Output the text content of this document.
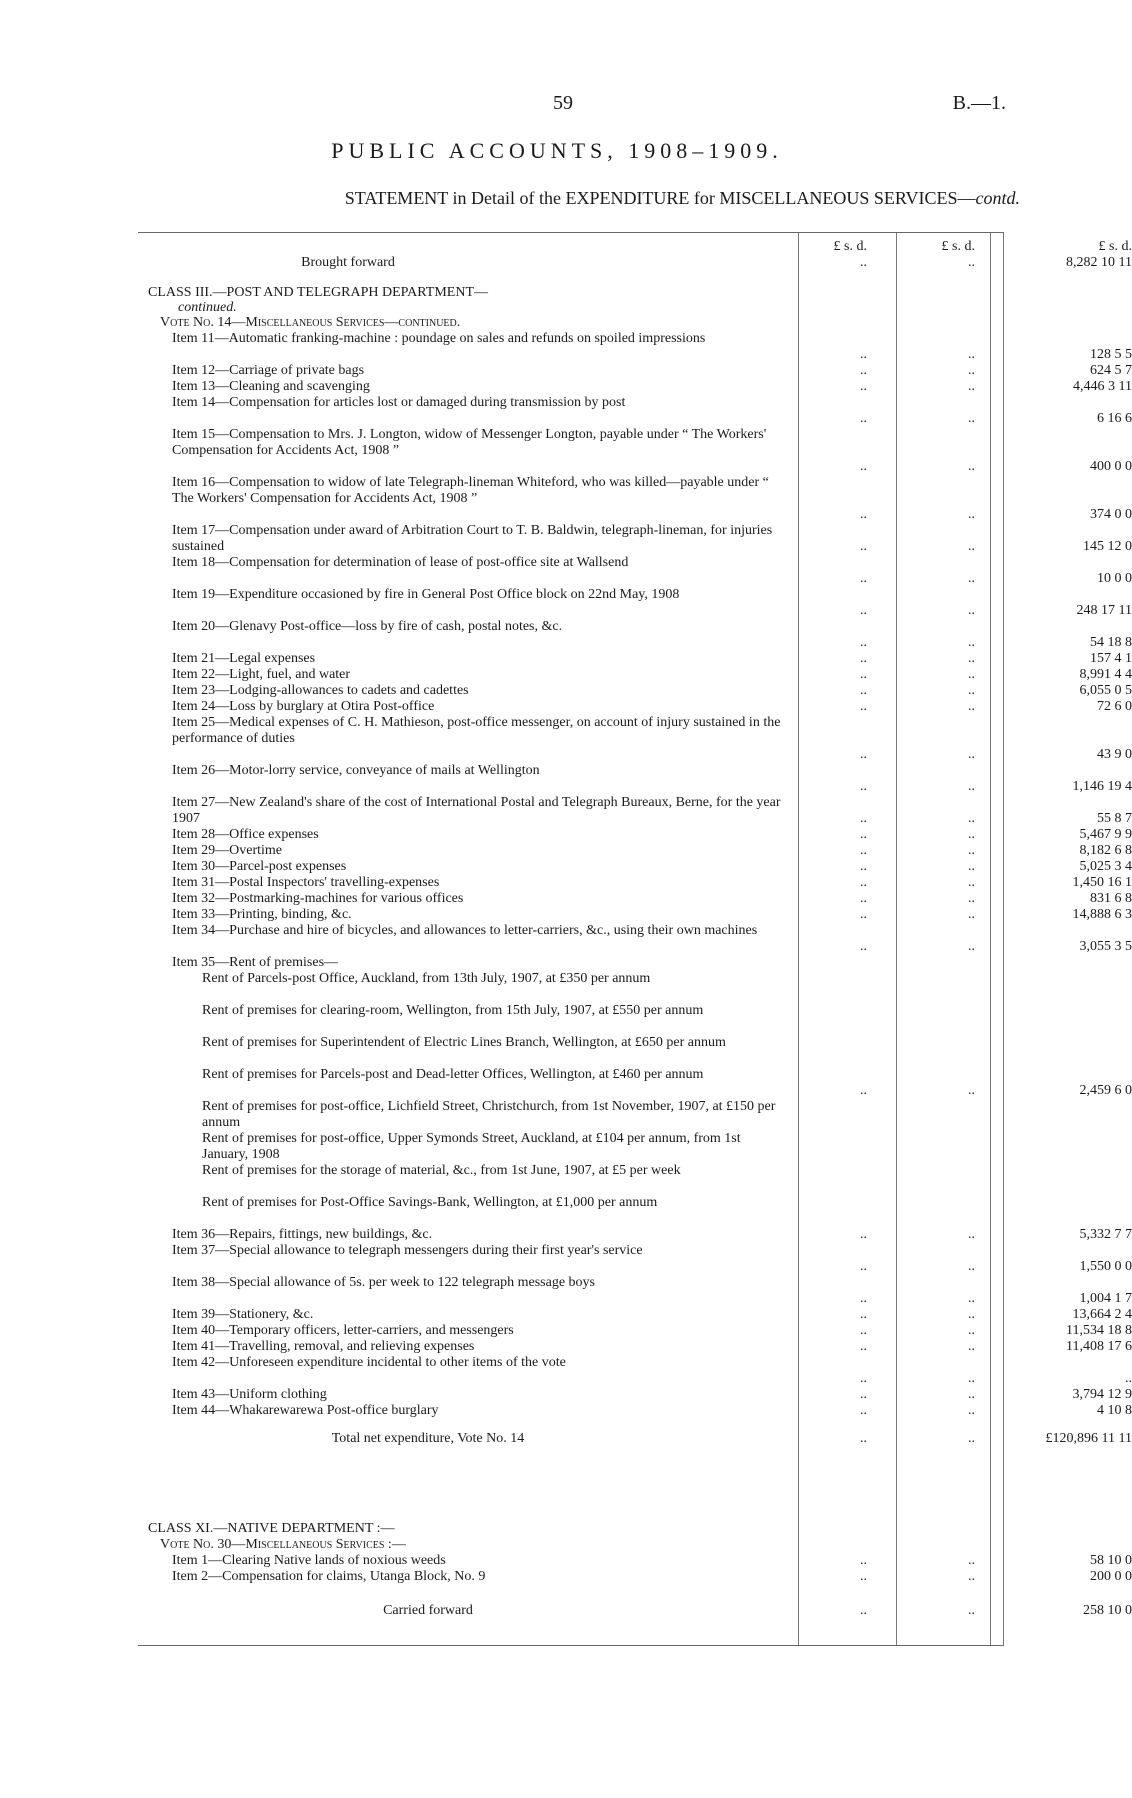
59	B.—1.
PUBLIC ACCOUNTS, 1908–1909.
STATEMENT in Detail of the EXPENDITURE for MISCELLANEOUS SERVICES—contd.
£ s. d.	£ s. d.	£ s. d.
Brought forward	..	..	8,282 10 11
CLASS III.—POST AND TELEGRAPH DEPARTMENT—
continued.
Vote No. 14—Miscellaneous Services—continued.
Item 11—Automatic franking-machine : poundage on sales and refunds on spoiled impressions
..	..	128 5 5
Item 12—Carriage of private bags	..	..	624 5 7
Item 13—Cleaning and scavenging	..	..	4,446 3 11
Item 14—Compensation for articles lost or damaged during transmission by post
..	..	6 16 6
Item 15—Compensation to Mrs. J. Longton, widow of Messenger Longton, payable under “ The Workers' Compensation for Accidents Act, 1908 ”
..	..	400 0 0
Item 16—Compensation to widow of late Telegraph-lineman Whiteford, who was killed—payable under “ The Workers' Compensation for Accidents Act, 1908 ”
..	..	374 0 0
Item 17—Compensation under award of Arbitration Court to T. B. Baldwin, telegraph-lineman, for injuries sustained	..	..	145 12 0
Item 18—Compensation for determination of lease of post-office site at Wallsend
..	..	10 0 0
Item 19—Expenditure occasioned by fire in General Post Office block on 22nd May, 1908
..	..	248 17 11
Item 20—Glenavy Post-office—loss by fire of cash, postal notes, &c.
..	..	54 18 8
Item 21—Legal expenses	..	..	157 4 1
Item 22—Light, fuel, and water	..	..	8,991 4 4
Item 23—Lodging-allowances to cadets and cadettes	..	..	6,055 0 5
Item 24—Loss by burglary at Otira Post-office	..	..	72 6 0
Item 25—Medical expenses of C. H. Mathieson, post-office messenger, on account of injury sustained in the performance of duties
..	..	43 9 0
Item 26—Motor-lorry service, conveyance of mails at Wellington
..	..	1,146 19 4
Item 27—New Zealand's share of the cost of International Postal and Telegraph Bureaux, Berne, for the year 1907	..	..	55 8 7
Item 28—Office expenses	..	..	5,467 9 9
Item 29—Overtime	..	..	8,182 6 8
Item 30—Parcel-post expenses	..	..	5,025 3 4
Item 31—Postal Inspectors' travelling-expenses	..	..	1,450 16 1
Item 32—Postmarking-machines for various offices	..	..	831 6 8
Item 33—Printing, binding, &c.	..	..	14,888 6 3
Item 34—Purchase and hire of bicycles, and allowances to letter-carriers, &c., using their own machines
..	..	3,055 3 5
Item 35—Rent of premises—
Rent of Parcels-post Office, Auckland, from 13th July, 1907, at £350 per annum
Rent of premises for clearing-room, Wellington, from 15th July, 1907, at £550 per annum
Rent of premises for Superintendent of Electric Lines Branch, Wellington, at £650 per annum
Rent of premises for Parcels-post and Dead-letter Offices, Wellington, at £460 per annum
Rent of premises for post-office, Lichfield Street, Christchurch, from 1st November, 1907, at £150 per annum
Rent of premises for post-office, Upper Symonds Street, Auckland, at £104 per annum, from 1st January, 1908
Rent of premises for the storage of material, &c., from 1st June, 1907, at £5 per week
Rent of premises for Post-Office Savings-Bank, Wellington, at £1,000 per annum
..	..	2,459 6 0
Item 36—Repairs, fittings, new buildings, &c.	..	..	5,332 7 7
Item 37—Special allowance to telegraph messengers during their first year's service
..	..	1,550 0 0
Item 38—Special allowance of 5s. per week to 122 telegraph message boys
..	..	1,004 1 7
Item 39—Stationery, &c.	..	..	13,664 2 4
Item 40—Temporary officers, letter-carriers, and messengers	..	..	11,534 18 8
Item 41—Travelling, removal, and relieving expenses	..	..	11,408 17 6
Item 42—Unforeseen expenditure incidental to other items of the vote
..	..	..
Item 43—Uniform clothing	..	..	3,794 12 9
Item 44—Whakarewarewa Post-office burglary	..	..	4 10 8
Total net expenditure, Vote No. 14	..	..	£120,896 11 11
CLASS XI.—NATIVE DEPARTMENT :—
Vote No. 30—Miscellaneous Services :—
Item 1—Clearing Native lands of noxious weeds	..	..	58 10 0
Item 2—Compensation for claims, Utanga Block, No. 9	..	..	200 0 0
Carried forward	..	..	258 10 0
